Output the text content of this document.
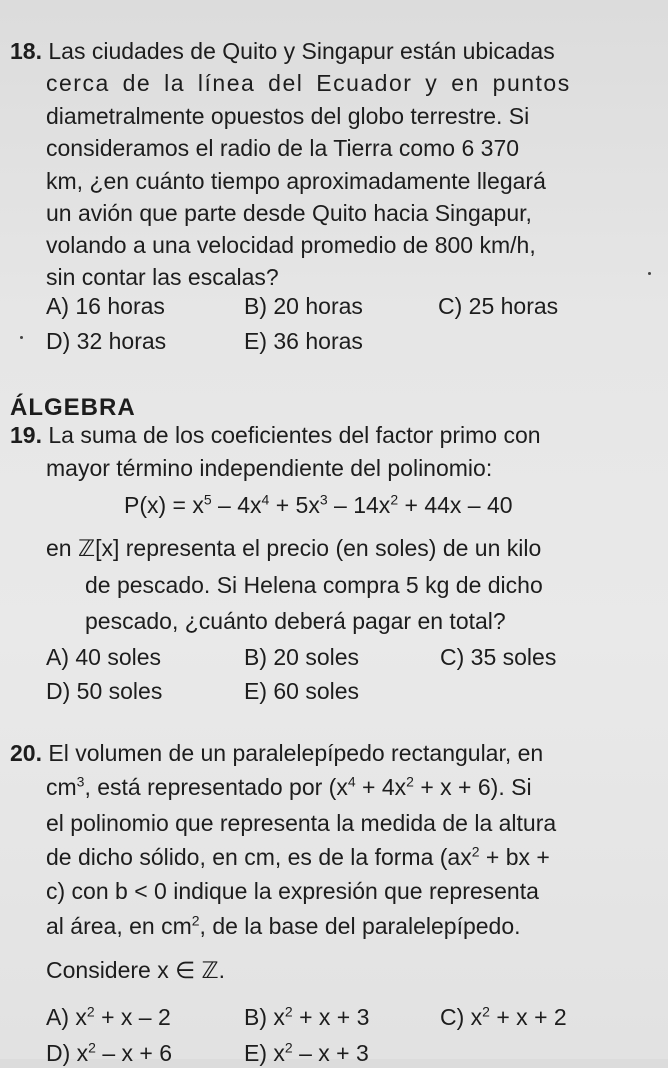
18. Las ciudades de Quito y Singapur están ubicadas
cerca de la línea del Ecuador y en puntos
diametralmente opuestos del globo terrestre. Si
consideramos el radio de la Tierra como 6 370
km, ¿en cuánto tiempo aproximadamente llegará
un avión que parte desde Quito hacia Singapur,
volando a una velocidad promedio de 800 km/h,
sin contar las escalas?
A) 16 horas	B) 20 horas	C) 25 horas
D) 32 horas	E) 36 horas
ÁLGEBRA
19. La suma de los coeficientes del factor primo con
mayor término independiente del polinomio:
$P(x) = x^5 - 4x^4 + 5x^3 - 14x^2 + 44x - 40$
en ℤ[x] representa el precio (en soles) de un kilo
de pescado. Si Helena compra 5 kg de dicho
pescado, ¿cuánto deberá pagar en total?
A) 40 soles	B) 20 soles	C) 35 soles
D) 50 soles	E) 60 soles
20. El volumen de un paralelepípedo rectangular, en
$cm^3$, está representado por $(x^4 + 4x^2 + x + 6)$. Si
el polinomio que representa la medida de la altura
de dicho sólido, en cm, es de la forma ($ax^2$ + bx +
c) con b < 0 indique la expresión que representa
al área, en $cm^2$, de la base del paralelepípedo.
Considere x ∈ ℤ.
A) $x^2 + x - 2$	B) $x^2 + x + 3$	C) $x^2 + x + 2$
D) $x^2 - x + 6$	E) $x^2 - x + 3$
